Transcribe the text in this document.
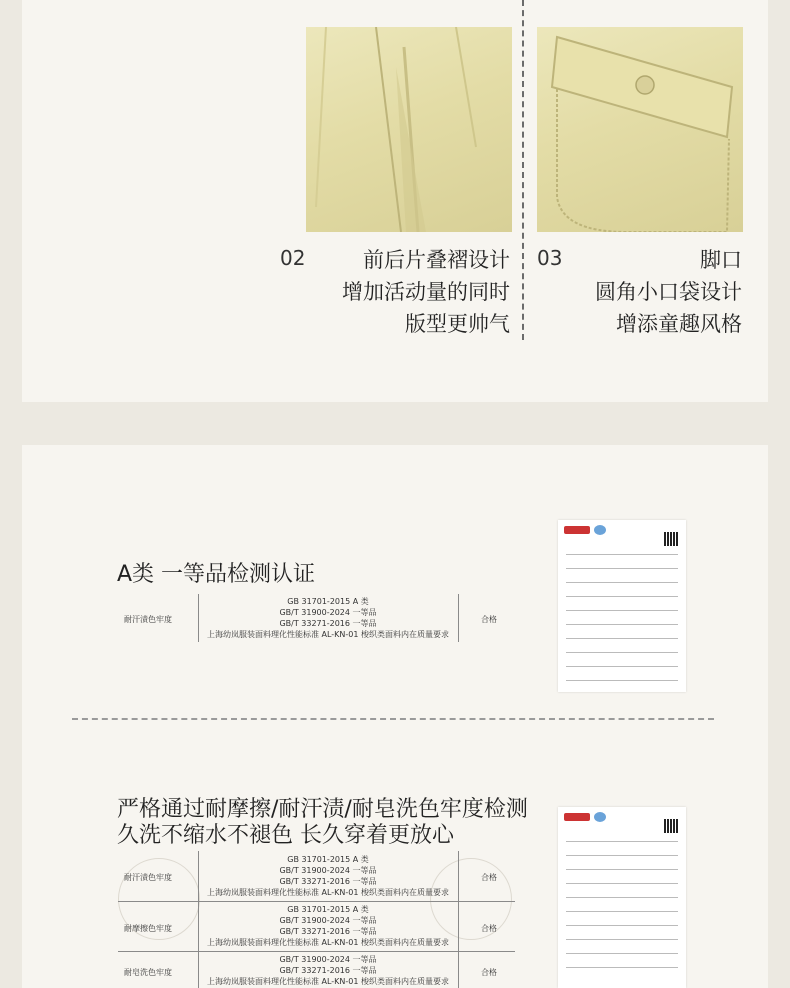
02	前后片叠褶设计
增加活动量的同时
版型更帅气
03	脚口
圆角小口袋设计
增添童趣风格
A类 一等品检测认证
耐汗渍色牢度
GB 31701-2015 A 类
GB/T 31900-2024 一等品
GB/T 33271-2016 一等品
上海幼岚服装面料理化性能标准 AL-KN-01 梭织类面料内在质量要求
合格
严格通过耐摩擦/耐汗渍/耐皂洗色牢度检测
久洗不缩水不褪色 长久穿着更放心
耐汗渍色牢度
GB 31701-2015 A 类
GB/T 31900-2024 一等品
GB/T 33271-2016 一等品
上海幼岚服装面料理化性能标准 AL-KN-01 梭织类面料内在质量要求
合格
耐摩擦色牢度
GB 31701-2015 A 类
GB/T 31900-2024 一等品
GB/T 33271-2016 一等品
上海幼岚服装面料理化性能标准 AL-KN-01 梭织类面料内在质量要求
合格
耐皂洗色牢度
GB/T 31900-2024 一等品
GB/T 33271-2016 一等品
上海幼岚服装面料理化性能标准 AL-KN-01 梭织类面料内在质量要求
合格
